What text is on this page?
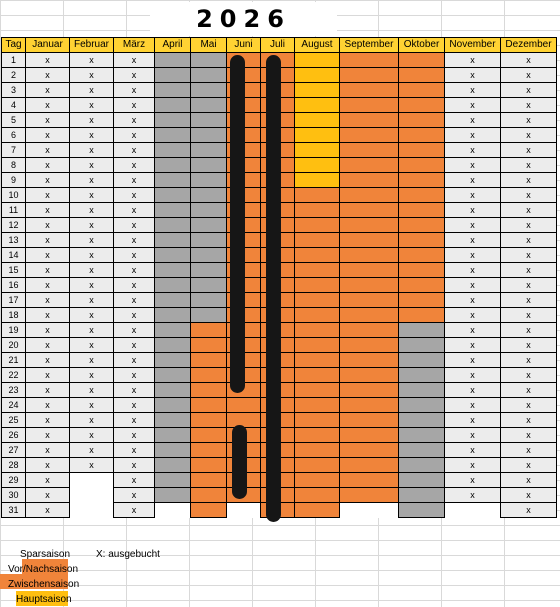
2026
Tag	Januar	Februar	März	April	Mai	Juni	Juli	August	September	Oktober	November	Dezember
1	x	x	x								x	x
2	x	x	x								x	x
3	x	x	x								x	x
4	x	x	x								x	x
5	x	x	x								x	x
6	x	x	x								x	x
7	x	x	x								x	x
8	x	x	x								x	x
9	x	x	x								x	x
10	x	x	x								x	x
11	x	x	x								x	x
12	x	x	x								x	x
13	x	x	x								x	x
14	x	x	x								x	x
15	x	x	x								x	x
16	x	x	x								x	x
17	x	x	x								x	x
18	x	x	x								x	x
19	x	x	x								x	x
20	x	x	x								x	x
21	x	x	x								x	x
22	x	x	x								x	x
23	x	x	x								x	x
24	x	x	x								x	x
25	x	x	x								x	x
26	x	x	x								x	x
27	x	x	x								x	x
28	x	x	x								x	x
29	x		x								x	x
30	x		x								x	x
31	x		x									x
Sparsaison	X: ausgebucht
Vor/Nachsaison
Zwischensaison
Hauptsaison
